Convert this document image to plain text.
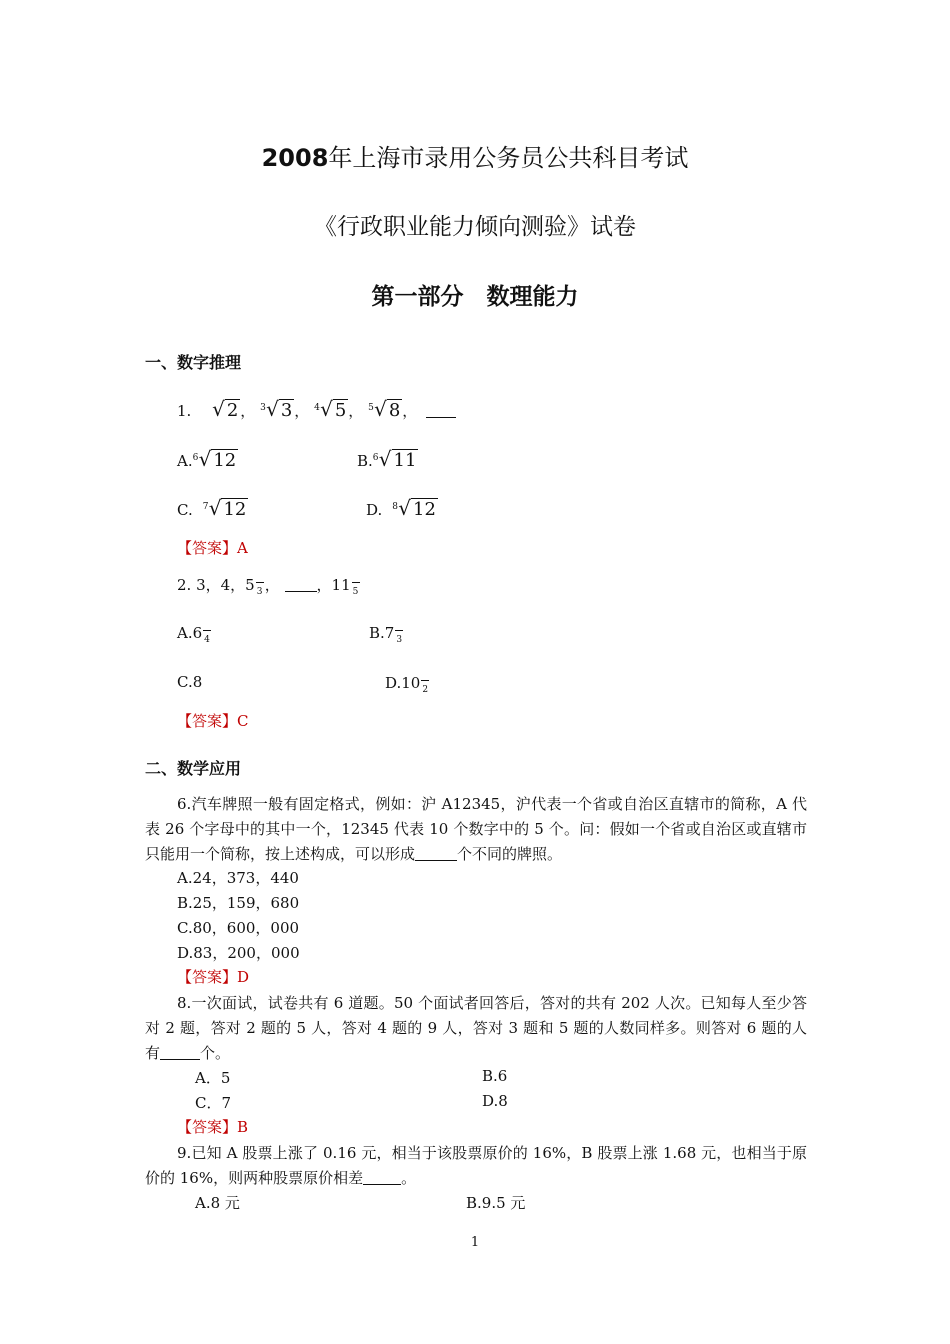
2008年上海市录用公务员公共科目考试
《行政职业能力倾向测验》试卷
第一部分　数理能力
一、数字推理
1. √ 2 ， 3 √ 3 ， 4 √ 5 ， 5 √ 8 ，
A. 6 √ 12	B. 6 √ 11
C. 7 √ 12	D. 8 √ 12
【答案】A
2. 3，4，5 3 ， ，11 5
A.6 4	B.7 3
C.8	D.10 2
【答案】C
二、数学应用
6.汽车牌照一般有固定格式，例如：沪 A12345，沪代表一个省或自治区直辖市的简称，A 代表 26 个字母中的其中一个，12345 代表 10 个数字中的 5 个。问：假如一个省或自治区或直辖市只能用一个简称，按上述构成，可以形成	个不同的牌照。
A.24，373，440
B.25，159，680
C.80，600，000
D.83，200，000
【答案】D
8.一次面试，试卷共有 6 道题。50 个面试者回答后，答对的共有 202 人次。已知每人至少答对 2 题，答对 2 题的 5 人，答对 4 题的 9 人，答对 3 题和 5 题的人数同样多。则答对 6 题的人有	个。
A．5	B.6
C．7	D.8
【答案】B
9.已知 A 股票上涨了 0.16 元，相当于该股票原价的 16%，B 股票上涨 1.68 元，也相当于原价的 16%，则两种股票原价相差	。
A.8 元	B.9.5 元
1
